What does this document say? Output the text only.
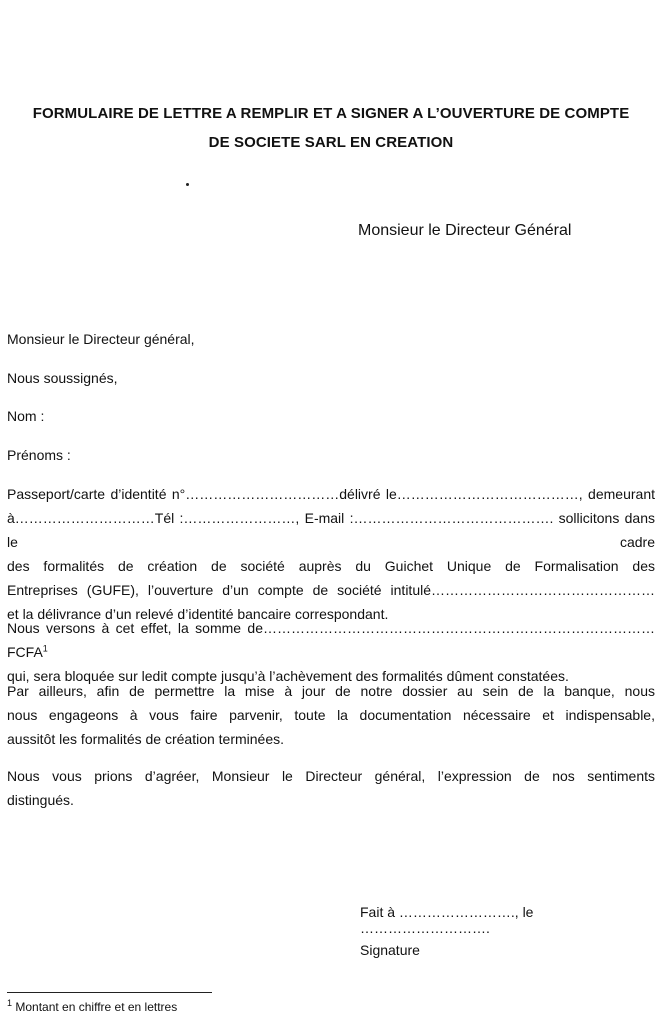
FORMULAIRE DE LETTRE A REMPLIR ET A SIGNER A L’OUVERTURE DE COMPTE
DE SOCIETE SARL EN CREATION
Monsieur le Directeur Général
Monsieur le Directeur général,
Nous soussignés,
Nom :
Prénoms :
Passeport/carte d’identité n°……………………………délivré le…………………………………, demeurant
à…………………………Tél :……………………, E-mail :……………………………………. sollicitons dans le cadre
des formalités de création de société auprès du Guichet Unique de Formalisation des
Entreprises (GUFE), l’ouverture d’un compte de société intitulé…………………………………………
et la délivrance d’un relevé d’identité bancaire correspondant.
Nous versons à cet effet, la somme de…………………………………………………………………………FCFA$^1$
qui, sera bloquée sur ledit compte jusqu’à l’achèvement des formalités dûment constatées.
Par ailleurs, afin de permettre la mise à jour de notre dossier au sein de la banque, nous
nous engageons à vous faire parvenir, toute la documentation nécessaire et indispensable,
aussitôt les formalités de création terminées.
Nous vous prions d’agréer, Monsieur le Directeur général, l’expression de nos sentiments
distingués.
Fait à ……………………., le ……………………….
Signature
$^1$ Montant en chiffre et en lettres
